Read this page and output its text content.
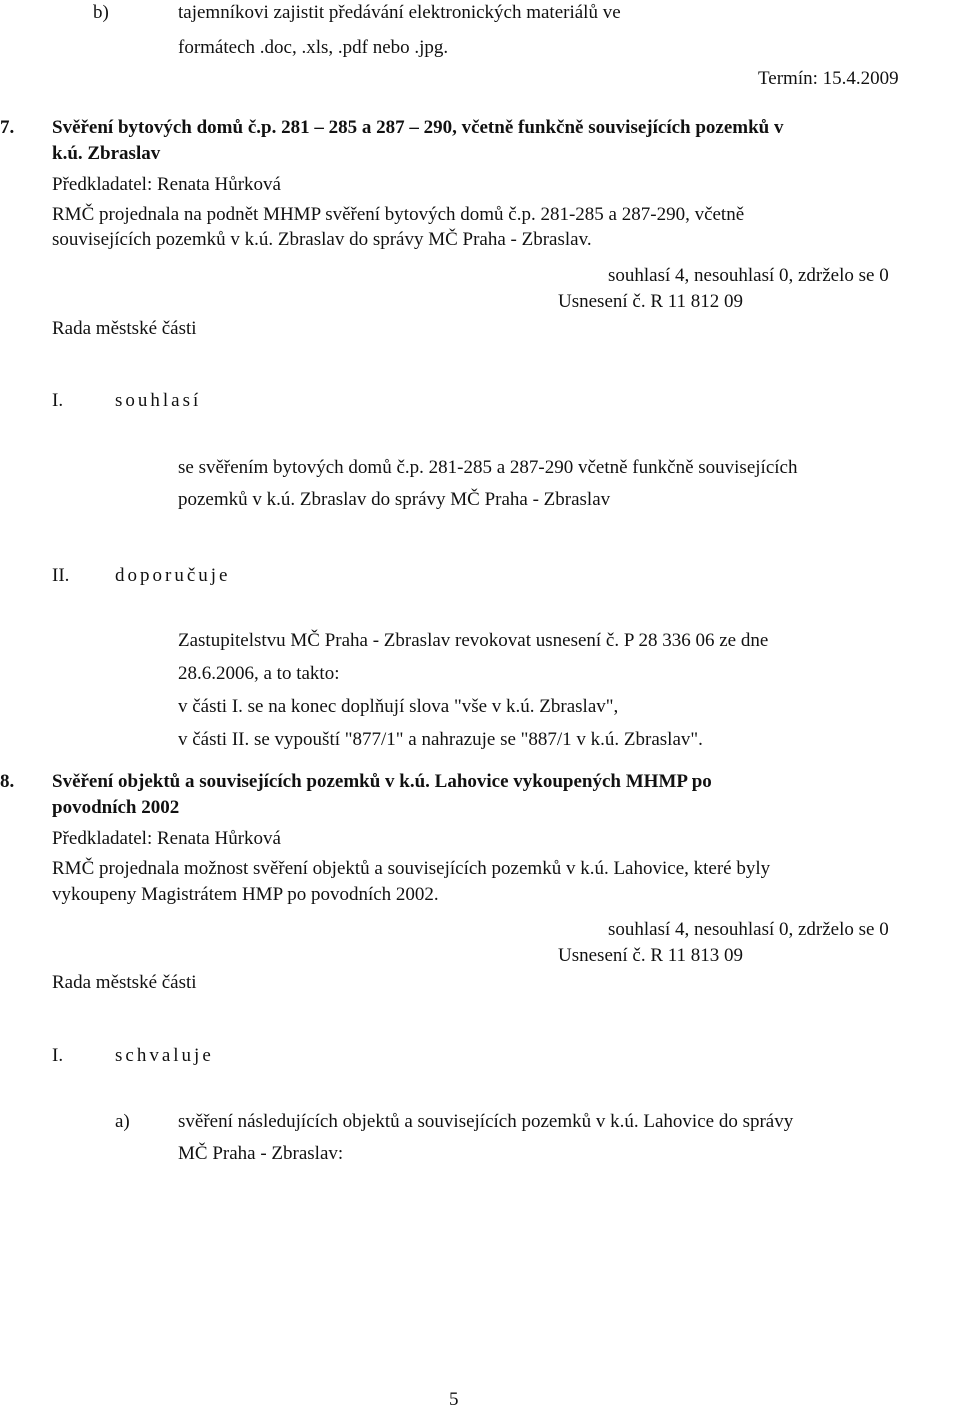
b)	tajemníkovi zajistit předávání elektronických materiálů ve
formátech .doc, .xls, .pdf nebo .jpg.
Termín: 15.4.2009
7. Svěření bytových domů č.p. 281 – 285 a 287 – 290, včetně funkčně souvisejících pozemků v
k.ú. Zbraslav
Předkladatel: Renata Hůrková
RMČ projednala na podnět MHMP svěření bytových domů č.p. 281-285 a 287-290, včetně
souvisejících pozemků v k.ú. Zbraslav do správy MČ Praha - Zbraslav.
souhlasí 4, nesouhlasí 0, zdrželo se 0
Usnesení č. R 11 812 09
Rada městské části
I.	souhlasí
se svěřením bytových domů č.p. 281-285 a 287-290 včetně funkčně souvisejících
pozemků v k.ú. Zbraslav do správy MČ Praha - Zbraslav
II. doporučuje
Zastupitelstvu MČ Praha - Zbraslav revokovat usnesení č. P 28 336 06 ze dne
28.6.2006, a to takto:
v části I. se na konec doplňují slova "vše v k.ú. Zbraslav",
v části II. se vypouští "877/1" a nahrazuje se "887/1 v k.ú. Zbraslav".
8. Svěření objektů a souvisejících pozemků v k.ú. Lahovice vykoupených MHMP po
povodních 2002
Předkladatel: Renata Hůrková
RMČ projednala možnost svěření objektů a souvisejících pozemků v k.ú. Lahovice, které byly
vykoupeny Magistrátem HMP po povodních 2002.
souhlasí 4, nesouhlasí 0, zdrželo se 0
Usnesení č. R 11 813 09
Rada městské části
I.	schvaluje
a)	svěření následujících objektů a souvisejících pozemků v k.ú. Lahovice do správy
MČ Praha - Zbraslav:
5
